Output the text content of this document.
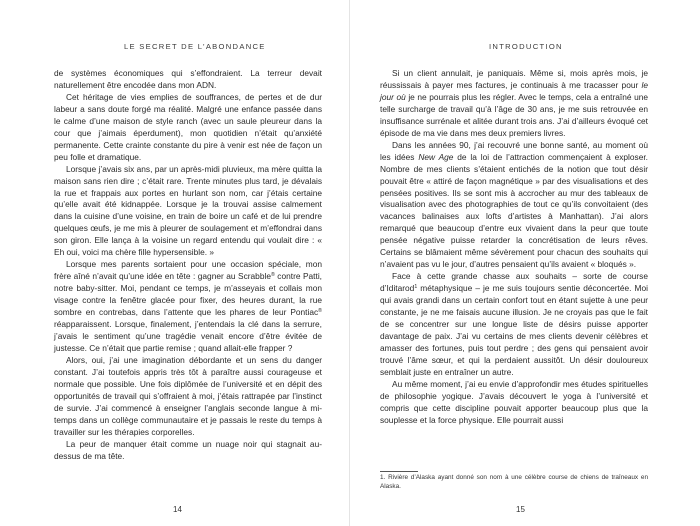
LE SECRET DE L’ABONDANCE

de systèmes économiques qui s’effondraient. La terreur devait naturellement être encodée dans mon ADN.

Cet héritage de vies emplies de souffrances, de pertes et de dur labeur a sans doute forgé ma réalité. Malgré une enfance passée dans le calme d’une maison de style ranch (avec un saule pleureur dans la cour que j’aimais éperdument), mon quotidien n’était qu’anxiété permanente. Cette crainte constante du pire à venir est née de façon un peu folle et dramatique.

Lorsque j’avais six ans, par un après-midi pluvieux, ma mère quitta la maison sans rien dire ; c’était rare. Trente minutes plus tard, je dévalais la rue et frappais aux portes en hurlant son nom, car j’étais certaine qu’elle avait été kidnappée. Lorsque je la trouvai assise calmement dans la cuisine d’une voisine, en train de boire un café et de lui prendre quelques œufs, je me mis à pleurer de soulagement et m’effondrai dans son giron. Elle lança à la voisine un regard entendu qui voulait dire : « Eh oui, voici ma chère fille hypersensible. »

Lorsque mes parents sortaient pour une occasion spéciale, mon frère aîné n’avait qu’une idée en tête : gagner au Scrabble® contre Patti, notre baby-sitter. Moi, pendant ce temps, je m’asseyais et collais mon visage contre la fenêtre glacée pour fixer, des heures durant, la rue sombre en contrebas, dans l’attente que les phares de leur Pontiac® réapparaissent. Lorsque, finalement, j’entendais la clé dans la serrure, j’avais le sentiment qu’une tragédie venait encore d’être évitée de justesse. Ce n’était que partie remise ; quand allait-elle frapper ?

Alors, oui, j’ai une imagination débordante et un sens du danger constant. J’ai toutefois appris très tôt à paraître aussi courageuse et normale que possible. Une fois diplômée de l’université et en dépit des opportunités de travail qui s’offraient à moi, j’étais rattrapée par l’instinct de survie. J’ai commencé à enseigner l’anglais seconde langue à mi-temps dans un collège communautaire et je passais le reste du temps à travailler sur les thérapies corporelles.

La peur de manquer était comme un nuage noir qui stagnait au-dessus de ma tête.

14
INTRODUCTION

Si un client annulait, je paniquais. Même si, mois après mois, je réussissais à payer mes factures, je continuais à me tracasser pour le jour où je ne pourrais plus les régler. Avec le temps, cela a entraîné une telle surcharge de travail qu’à l’âge de 30 ans, je me suis retrouvée en insuffisance surrénale et alitée durant trois ans. J’ai d’ailleurs évoqué cet épisode de ma vie dans mes deux premiers livres.

Dans les années 90, j’ai recouvré une bonne santé, au moment où les idées New Age de la loi de l’attraction commençaient à exploser. Nombre de mes clients s’étaient entichés de la notion que tout désir pouvait être « attiré de façon magnétique » par des visualisations et des pensées positives. Ils se sont mis à accrocher au mur des tableaux de visualisation avec des photographies de tout ce qu’ils convoitaient (des vacances balinaises aux lofts d’artistes à Manhattan). J’ai alors remarqué que beaucoup d’entre eux vivaient dans la peur que toute pensée négative puisse retarder la concrétisation de leurs rêves. Certains se blâmaient même sévèrement pour chacun des souhaits qui n’avaient pas vu le jour, d’autres pensaient qu’ils avaient « bloqués ».

Face à cette grande chasse aux souhaits – sorte de course d’Iditarod$^1$ métaphysique – je me suis toujours sentie déconcertée. Moi qui avais grandi dans un certain confort tout en étant sujette à une peur constante, je ne me faisais aucune illusion. Je ne croyais pas que le fait de se concentrer sur une longue liste de désirs puisse apporter davantage de paix. J’ai vu certains de mes clients devenir célèbres et amasser des fortunes, puis tout perdre ; des gens qui pensaient avoir trouvé l’âme sœur, et qui la perdaient aussitôt. Un désir douloureux semblait juste en entraîner un autre.

Au même moment, j’ai eu envie d’approfondir mes études spirituelles de philosophie yogique. J’avais découvert le yoga à l’université et compris que cette discipline pouvait apporter beaucoup plus que la souplesse et la force physique. Elle pourrait aussi

1. Rivière d’Alaska ayant donné son nom à une célèbre course de chiens de traîneaux en Alaska.
15
